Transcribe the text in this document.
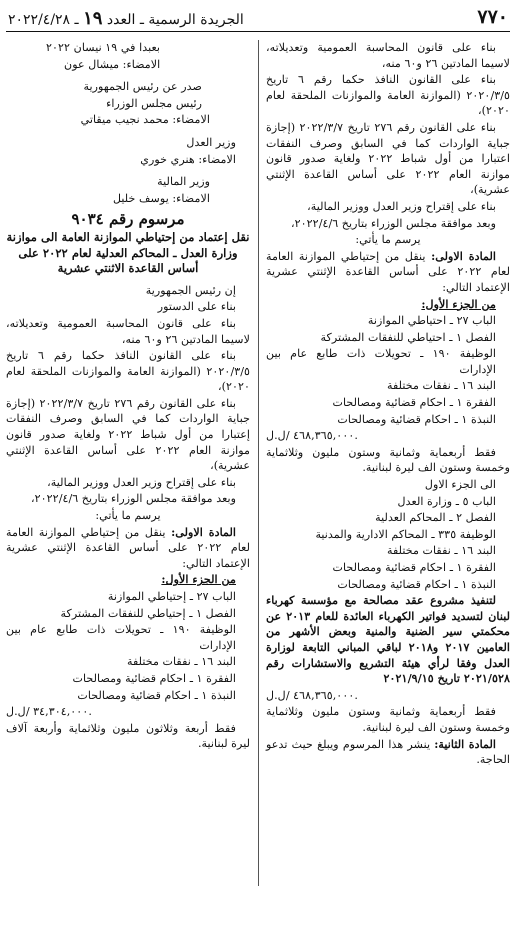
٧٧٠
الجريدة الرسمية ـ العدد ١٩ ـ ٢٠٢٢/٤/٢٨

بناء على قانون المحاسبة العمومية وتعديلاته، لاسيما المادتين ٢٦ و٦٠ منه،

بناء على القانون النافذ حكما رقم ٦ تاريخ ٢٠٢٠/٣/٥ (الموازنة العامة والموازنات الملحقة لعام ٢٠٢٠)،

بناء على القانون رقم ٢٧٦ تاريخ ٢٠٢٢/٣/٧ (إجازة جباية الواردات كما في السابق وصرف النفقات اعتبارا من أول شباط ٢٠٢٢ ولغاية صدور قانون موازنة العام ٢٠٢٢ على أساس القاعدة الإثنتي عشرية)،

بناء على إقتراح وزير العدل ووزير المالية،

وبعد موافقة مجلس الوزراء بتاريخ ٢٠٢٢/٤/٦،

يرسم ما يأتي:

المادة الاولى: ينقل من إحتياطي الموازنة العامة لعام ٢٠٢٢ على أساس القاعدة الإثنتي عشرية الإعتماد التالي:

من الجزء الأول:

الباب ٢٧ ـ احتياطي الموازنة

الفصل ١ ـ احتياطي للنفقات المشتركة

الوظيفة ١٩٠ ـ تحويلات ذات طابع عام بين الإدارات

البند ١٦ ـ نفقات مختلفة

الفقرة ١ ـ احكام قضائية ومصالحات

النبذة ١ ـ احكام قضائية ومصالحات

٤٦٨,٣٦٥,٠٠٠ /ل.ل.

فقط أربعماية وثمانية وستون مليون وثلاثماية وخمسة وستون الف ليرة لبنانية.

الى الجزء الاول

الباب ٥ ـ وزارة العدل

الفصل ٢ ـ المحاكم العدلية

الوظيفة ٣٣٥ ـ المحاكم الادارية والمدنية

البند ١٦ ـ نفقات مختلفة

الفقرة ١ ـ احكام قضائية ومصالحات

النبذة ١ ـ احكام قضائية ومصالحات

لتنفيذ مشروع عقد مصالحة مع مؤسسة كهرباء لبنان لتسديد فواتير الكهرباء العائدة للعام ٢٠١٣ عن محكمتي سير الضنية والمنية وبعض الأشهر من العامين ٢٠١٧ و٢٠١٨ لباقي المباني التابعة لوزارة العدل وفقا لرأي هيئة التشريع والاستشارات رقم ٢٠٢١/٥٢٨ تاريخ ٢٠٢١/٩/١٥

٤٦٨,٣٦٥,٠٠٠ /ل.ل.

فقط أربعماية وثمانية وستون مليون وثلاثماية وخمسة وستون الف ليرة لبنانية.

المادة الثانية: ينشر هذا المرسوم ويبلغ حيث تدعو الحاجة.

بعبدا في ١٩ نيسان ٢٠٢٢

الامضاء: ميشال عون

صدر عن رئيس الجمهورية

رئيس مجلس الوزراء

الامضاء: محمد نجيب ميقاتي

وزير العدل

الامضاء: هنري خوري

وزير المالية

الامضاء: يوسف خليل

مرسوم رقم ٩٠٣٤
نقل إعتماد من إحتياطي الموازنة العامة الى موازنة وزارة العدل ـ المحاكم العدلية لعام ٢٠٢٢ على أساس القاعدة الاثنتي عشرية

إن رئيس الجمهورية

بناء على الدستور

بناء على قانون المحاسبة العمومية وتعديلاته، لاسيما المادتين ٢٦ و٦٠ منه،

بناء على القانون النافذ حكما رقم ٦ تاريخ ٢٠٢٠/٣/٥ (الموازنة العامة والموازنات الملحقة لعام ٢٠٢٠)،

بناء على القانون رقم ٢٧٦ تاريخ ٢٠٢٢/٣/٧ (إجازة جباية الواردات كما في السابق وصرف النفقات إعتبارا من أول شباط ٢٠٢٢ ولغاية صدور قانون موازنة العام ٢٠٢٢ على أساس القاعدة الإثنتي عشرية)،

بناء على إقتراح وزير العدل ووزير المالية،

وبعد موافقة مجلس الوزراء بتاريخ ٢٠٢٢/٤/٦،

يرسم ما يأتي:

المادة الاولى: ينقل من إحتياطي الموازنة العامة لعام ٢٠٢٢ على أساس القاعدة الإثنتي عشرية الإعتماد التالي:

من الجزء الأول:

الباب ٢٧ ـ إحتياطي الموازنة

الفصل ١ ـ إحتياطي للنفقات المشتركة

الوظيفة ١٩٠ ـ تحويلات ذات طابع عام بين الإدارات

البند ١٦ ـ نفقات مختلفة

الفقرة ١ ـ احكام قضائية ومصالحات

النبذة ١ ـ احكام قضائية ومصالحات

٣٤,٣٠٤,٠٠٠ /ل.ل.

فقط أربعة وثلاثون مليون وثلاثماية وأربعة آلاف ليرة لبنانية.
